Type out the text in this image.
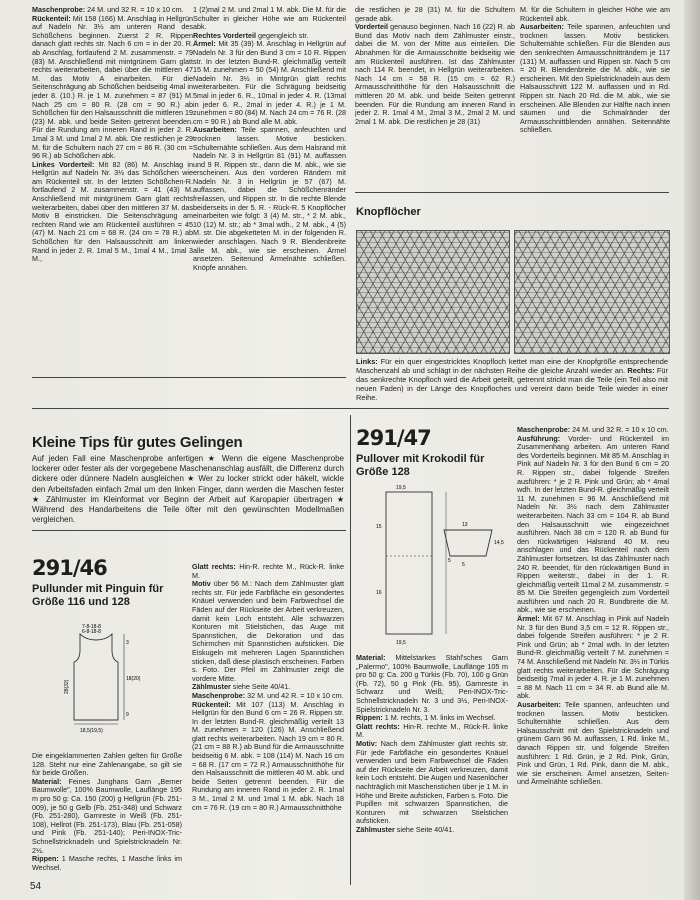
Maschenprobe: 24 M. und 32 R. = 10 x 10 cm.

Rückenteil: Mit 158 (166) M. Anschlag in Hellgrün auf Nadeln Nr. 3½ am unteren Rand des Schößchens beginnen. Zuerst 2 R. Rippen danach glatt rechts str. Nach 6 cm = in der 20. R. ab Anschlag, fortlaufend 2 M. zusammenstr. = 79 (83) M. Anschließend mit mintgrünem Garn glatt rechts weiterarbeiten, dabei über die mittleren 47 M. das Motiv A einarbeiten. Für die Seitenschrägung ab Schößchen beidseitig 4mal in jeder 8. (10.) R. je 1 M. zunehmen = 87 (91) M. Nach 25 cm = 80 R. (28 cm = 90 R.) ab Schößchen für den Halsausschnitt die mittleren 19 (23) M. abk. und beide Seiten getrennt beenden. Für die Rundung am inneren Rand in jeder 2. R. 1mal 3 M. und 1mal 2 M. abk. Die restlichen je 29 M. für die Schultern nach 27 cm = 86 R. (30 cm = 96 R.) ab Schößchen abk.

Linkes Vorderteil: Mit 82 (86) M. Anschlag in Hellgrün auf Nadeln Nr. 3½ das Schößchen wie am Rückenteil str. In der letzten Schößchen-R. fortlaufend 2 M. zusammenstr. = 41 (43) M. Anschließend mit mintgrünem Garn glatt rechts weiterarbeiten, dabei über den mittleren 37 M. das Motiv B einstricken. Die Seitenschrägung am rechten Rand wie am Rückenteil ausführen = 45 (47) M. Nach 21 cm = 68 R. (24 cm = 78 R.) ab Schößchen für den Halsausschnitt am linken Rand in jeder 2. R. 1mal 5 M., 1mal 4 M., 1mal 3 M.,

1 (2)mal 2 M. und 2mal 1 M. abk. Die M. für die Schulter in gleicher Höhe wie am Rückenteil abk.

Rechtes Vorderteil gegengleich str.

Ärmel: Mit 35 (39) M. Anschlag in Hellgrün auf Nadeln Nr. 3 für den Bund 3 cm = 10 R. Rippen str. In der letzten Bund-R. gleichmäßig verteilt 15 M. zunehmen = 50 (54) M. Anschließend mit Nadeln Nr. 3½ in Mintgrün glatt rechts weiterarbeiten. Für die Schrägung beidseitig 5mal in jeder 6. R., 10mal in jeder 4. R. (13mal in jeder 6. R., 2mal in jeder 4. R.) je 1 M. zunehmen = 80 (84) M. Nach 24 cm = 76 R. (28 cm = 90 R.) ab Bund alle M. abk.

Ausarbeiten: Teile spannen, anfeuchten und trocknen lassen. Motive besticken. Schulternähte schließen. Aus dem Halsrand mit Nadeln Nr. 3 in Hellgrün 81 (91) M. auffassen und 9 R. Rippen str., dann die M. abk., wie sie erscheinen. Aus den vorderen Rändern mit Nadeln Nr. 3 in Hellgrün je 57 (67) M. auffassen, dabei die Schößchenränder freilassen, und Rippen str. In die rechte Blende beiderseits in der 5. R. - Rück-R. 5 Knopflöcher einarbeiten wie folgt: 3 (4) M. str., * 2 M. abk., 10 (12) M. str.; ab * 3mal wdh., 2 M. abk., 4 (5) M. str. Die abgeketteten M. in der folgenden R. wieder anschlagen. Nach 9 R. Blendenbreite alle M. abk., wie sie erscheinen. Ärmel ansetzen. Seitenund Ärmelnähte schließen. Knöpfe annähen.

die restlichen je 28 (31) M. für die Schultern gerade abk.

Vorderteil genauso beginnen. Nach 16 (22) R. ab Bund das Motiv nach dem Zählmuster einstr., dabei die M. von der Mitte aus einteilen. Die Abnahmen für die Armausschnitte beidseitig wie am Rückenteil ausführen. Ist das Zählmuster nach 114 R. beendet, in Hellgrün weiterarbeiten. Nach 14 cm = 58 R. (15 cm = 62 R.) Armausschnitthöhe für den Halsausschnitt die mittleren 20 M. abk. und beide Seiten getrennt beenden. Für die Rundung am inneren Rand in jeder 2. R. 1mal 4 M., 2mal 3 M., 2mal 2 M. und 2mal 1 M. abk. Die restlichen je 28 (31)

M. für die Schultern in gleicher Höhe wie am Rückenteil abk.

Ausarbeiten: Teile spannen, anfeuchten und trocknen lassen. Motiv besticken. Schulternähte schließen. Für die Blenden aus den senkrechten Armausschnitträndern je 117 (131) M. auffassen und Rippen str. Nach 5 cm = 20 R. Blendenbreite die M. abk., wie sie erscheinen. Mit den Spielstricknadeln aus dem Halsausschnitt 122 M. auffassen und in Rd. Rippen str. Nach 20 Rd. die M. abk., wie sie erscheinen. Alle Blenden zur Hälfte nach innen säumen und die Schmalränder der Armausschnittblenden annähen. Seitennähte schließen.

Knopflöcher
Links: Für ein quer eingestricktes Knopfloch kettet man eine der Knopfgröße entsprechende Maschenzahl ab und schlägt in der nächsten Reihe die gleiche Anzahl wieder an. Rechts: Für das senkrechte Knopfloch wird die Arbeit geteilt, getrennt strickt man die Teile (ein Teil also mit neuen Faden) in der Länge des Knopfloches und vereint dann beide Teile wieder in einer Reihe.
Kleine Tips für gutes Gelingen
Auf jeden Fall eine Maschenprobe anfertigen ★ Wenn die eigene Maschenprobe lockerer oder fester als der vorgegebene Maschenanschlag ausfällt, die Differenz durch dickere oder dünnere Nadeln ausgleichen ★ Wer zu locker strickt oder häkelt, wickle den Arbeitsfaden einfach 2mal um den linken Finger, dann werden die Maschen fester ★ Zählmuster im Kleinformat vor Beginn der Arbeit auf Karopapier übertragen ★ Während des Handarbeitens die Teile öfter mit den gewünschten Modellmaßen vergleichen.
291/46
Pullunder mit Pinguin für Größe 116 und 128
7-8-18-8
6-8-18-8
28(32)
18(20)
18,5(19,5)
3
9

Die eingeklammerten Zahlen gelten für Größe 128. Steht nur eine Zahlenangabe, so gilt sie für beide Größen.

Material: Feines Junghans Garn „Berner Baumwolle", 100% Baumwolle, Lauflänge 195 m pro 50 g: Ca. 150 (200) g Hellgrün (Fb. 251-009), je 50 g Gelb (Fb. 251-348) und Schwarz (Fb. 251-280), Garnreste in Weiß (Fb. 251-108), Hellrot (Fb. 251-173), Blau (Fb. 251-058) und Pink (Fb. 251-140); Peri-INOX-Tric-Schnellstricknadeln und Spielstricknadeln Nr. 2½.

Rippen: 1 Masche rechts, 1 Masche links im Wechsel.

Glatt rechts: Hin-R. rechte M., Rück-R. linke M.

Motiv über 56 M.: Nach dem Zählmuster glatt rechts str. Für jede Farbfläche ein gesondertes Knäuel verwenden und beim Farbwechsel die Fäden auf der Rückseite der Arbeit verkreuzen, damit kein Loch entsteht. Alle schwarzen Konturen mit Stielstichen, das Auge mit Spannstichen, die Dekoration und das Schirmchen mit Spannstichen aufsticken. Die Eiskugeln mit mehreren Lagen Spannstichen sticken, daß diese plastisch erscheinen. Farben s. Foto. Der Pfeil im Zählmuster zeigt die vordere Mitte.

Zählmuster siehe Seite 40/41.

Maschenprobe: 32 M. und 42 R. = 10 x 10 cm.

Rückenteil: Mit 107 (113) M. Anschlag in Hellgrün für den Bund 6 cm = 26 R. Rippen str. In der letzten Bund-R. gleichmäßig verteilt 13 M. zunehmen = 120 (126) M. Anschließend glatt rechts weiterarbeiten. Nach 19 cm = 80 R. (21 cm = 88 R.) ab Bund für die Armausschnitte beidseitig 6 M. abk. = 108 (114) M. Nach 16 cm = 68 R. (17 cm = 72 R.) Armausschnitthöhe für den Halsausschnitt die mittleren 40 M. abk. und beide Seiten getrennt beenden. Für die Rundung am inneren Rand in jeder 2. R. 1mal 3 M., 1mal 2 M. und 1mal 1 M. abk. Nach 18 cm = 76 R. (19 cm = 80 R.) Armausschnitthöhe

291/47
Pullover mit Krokodil für Größe 128
19,5
15
16
5
19,5
14,5
13
5

Material: Mittelstarkes Stahl'sches Garn „Palermo", 100% Baumwolle, Lauflänge 105 m pro 50 g: Ca. 200 g Türkis (Fb. 70), 100 g Grün (Fb. 72), 50 g Pink (Fb. 95), Garnreste in Schwarz und Weiß; Peri-INOX-Tric-Schnellstricknadeln Nr. 3 und 3½, Peri-INOX-Spielstricknadeln Nr. 3.

Rippen: 1 M. rechts, 1 M. links im Wechsel.

Glatt rechts: Hin-R. rechte M., Rück-R. linke M.

Motiv: Nach dem Zählmuster glatt rechts str. Für jede Farbfläche ein gesondertes Knäuel verwenden und beim Farbwechsel die Fäden auf der Rückseite der Arbeit verkreuzen, damit kein Loch entsteht. Die Augen und Nasenlöcher nachträglich mit Maschenstichen über je 1 M. in Höhe und Breite aufsticken, Farben s. Foto. Die Pupillen mit schwarzen Spannstichen, die Konturen mit schwarzen Stielstichen aufsticken.

Zählmuster siehe Seite 40/41.

Maschenprobe: 24 M. und 32 R. = 10 x 10 cm.

Ausführung: Vorder- und Rückenteil im Zusammenhang arbeiten. Am unteren Rand des Vorderteils beginnen. Mit 85 M. Anschlag in Pink auf Nadeln Nr. 3 für den Bund 6 cm = 20 R. Rippen str., dabei folgende Streifen ausführen: * je 2 R. Pink und Grün; ab * 4mal wdh. In der letzten Bund-R. gleichmäßig verteilt 11 M. zunehmen = 96 M. Anschließend mit Nadeln Nr. 3½ nach dem Zählmuster weiterarbeiten. Nach 33 cm = 104 R. ab Bund den Halsausschnitt wie eingezeichnet ausführen. Nach 38 cm = 120 R. ab Bund für den rückwärtigen Halsrand 40 M. neu anschlagen und das Rückenteil nach dem Zählmuster fortsetzen. Ist das Zählmuster nach 240 R. beendet, für den rückwärtigen Bund in Rippen weiterstr., dabei in der 1. R. gleichmäßig verteilt 11mal 2 M. zusammenstr. = 85 M. Die Streifen gegengleich zum Vorderteil ausführen und nach 20 R. Bundbreite die M. abk., wie sie erscheinen.

Ärmel: Mit 67 M. Anschlag in Pink auf Nadeln Nr. 3 für den Bund 3,5 cm = 12 R. Rippen str., dabei folgende Streifen ausführen: * je 2 R. Pink und Grün; ab * 2mal wdh. In der letzten Bund-R. gleichmäßig verteilt 7 M. zunehmen = 74 M. Anschließend mit Nadeln Nr. 3½ in Türkis glatt rechts weiterarbeiten. Für die Schrägung beidseitig 7mal in jeder 4. R. je 1 M. zunehmen = 88 M. Nach 11 cm = 34 R. ab Bund alle M. abk.

Ausarbeiten: Teile spannen, anfeuchten und trocknen lassen. Motiv besticken. Schulternähte schließen. Aus dem Halsausschnitt mit den Spielstricknadeln und grünem Garn 96 M. auffassen, 1 Rd. linke M., danach Rippen str. und folgende Streifen ausführen: 1 Rd. Grün, je 2 Rd. Pink, Grün, Pink und Grün, 1 Rd. Pink, dann die M. abk., wie sie erscheinen. Ärmel ansetzen, Seiten- und Ärmelnähte schließen.

54
